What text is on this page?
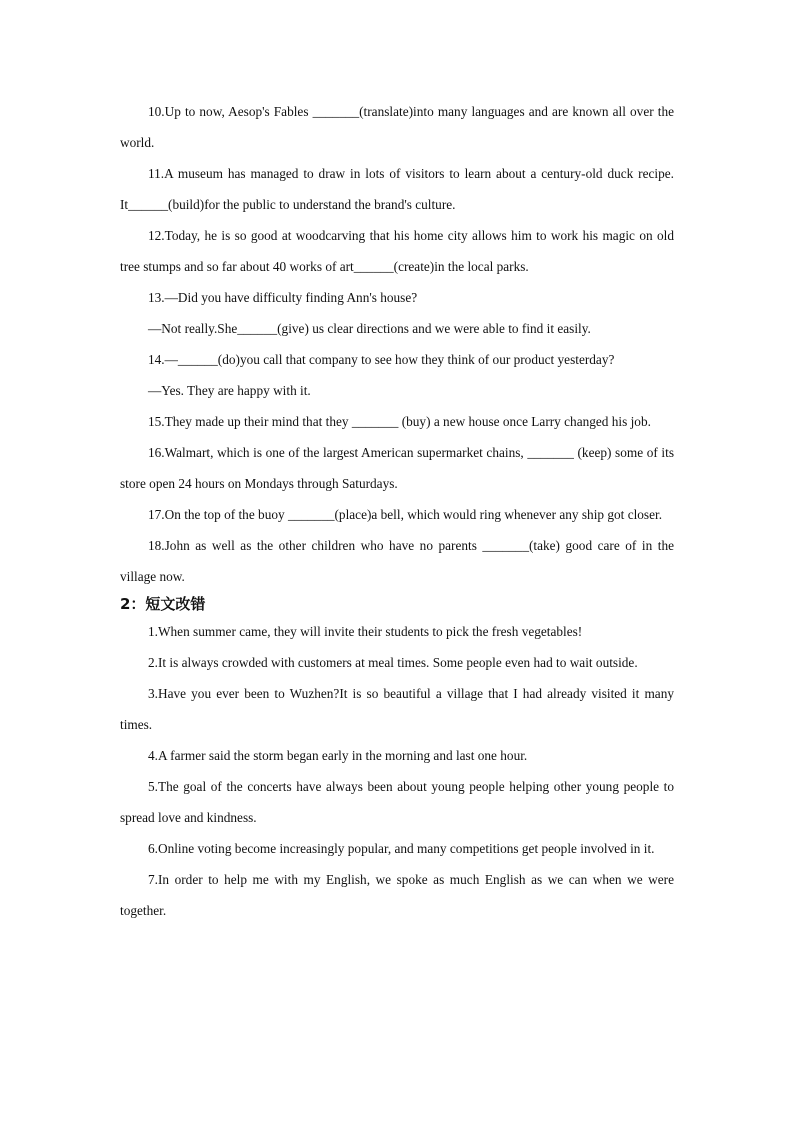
10.Up to now, Aesop's Fables _______(translate)into many languages and are known all over the world.

11.A museum has managed to draw in lots of visitors to learn about a century-old duck recipe. It______(build)for the public to understand the brand's culture.

12.Today, he is so good at woodcarving that his home city allows him to work his magic on old tree stumps and so far about 40 works of art______(create)in the local parks.

13.—Did you have difficulty finding Ann's house?

—Not really.She______(give) us clear directions and we were able to find it easily.

14.—______(do)you call that company to see how they think of our product yesterday?

—Yes. They are happy with it.

15.They made up their mind that they _______ (buy) a new house once Larry changed his job.

16.Walmart, which is one of the largest American supermarket chains, _______ (keep) some of its store open 24 hours on Mondays through Saturdays.

17.On the top of the buoy _______(place)a bell, which would ring whenever any ship got closer.

18.John as well as the other children who have no parents _______(take) good care of in the village now.

2：短文改错

1.When summer came, they will invite their students to pick the fresh vegetables!

2.It is always crowded with customers at meal times. Some people even had to wait outside.

3.Have you ever been to Wuzhen?It is so beautiful a village that I had already visited it many times.

4.A farmer said the storm began early in the morning and last one hour.

5.The goal of the concerts have always been about young people helping other young people to spread love and kindness.

6.Online voting become increasingly popular, and many competitions get people involved in it.

7.In order to help me with my English, we spoke as much English as we can when we were together.
